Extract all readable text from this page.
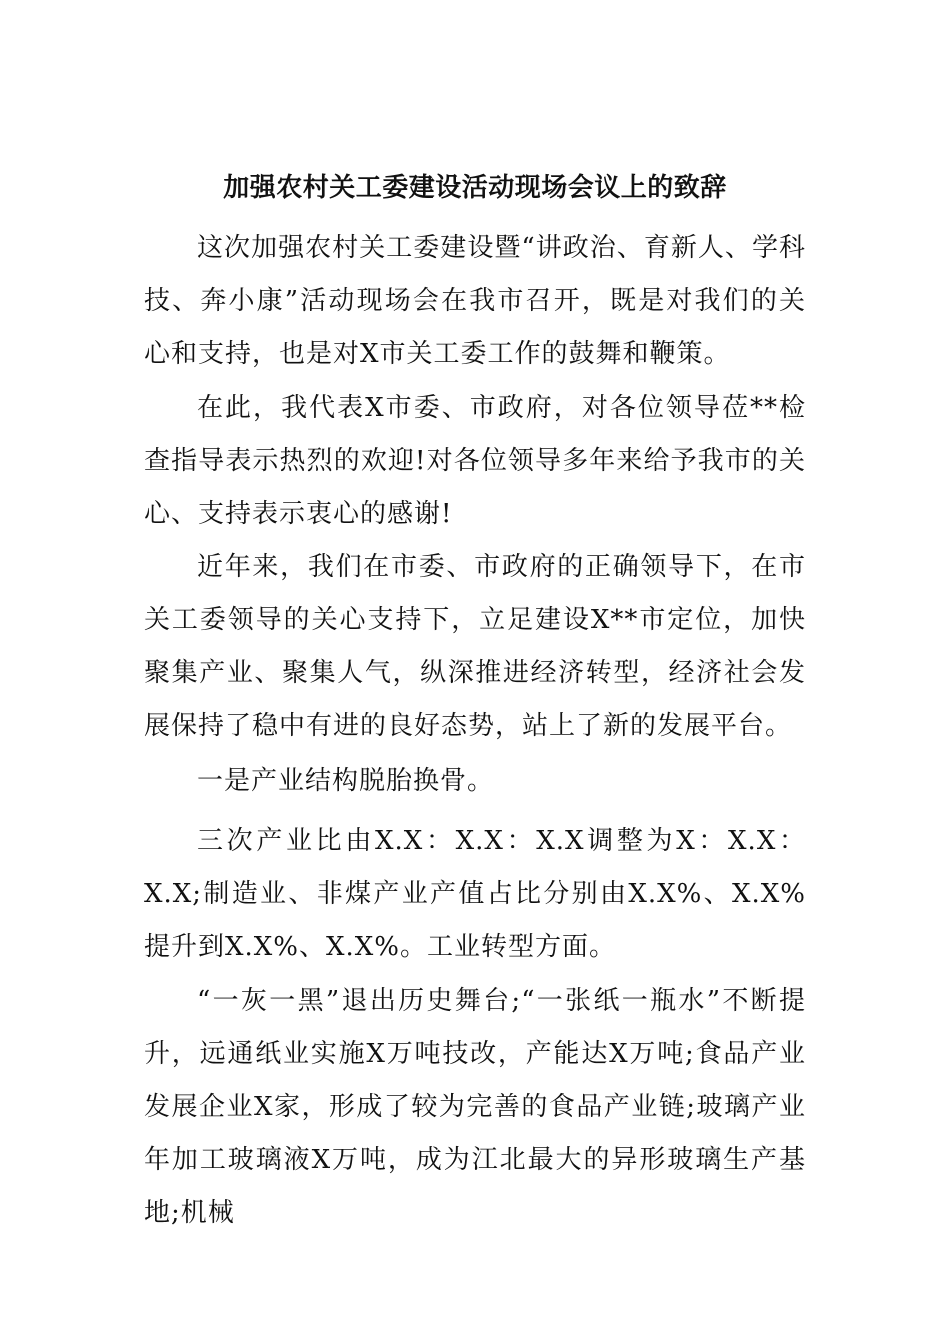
加强农村关工委建设活动现场会议上的致辞

这次加强农村关工委建设暨“讲政治、育新人、学科技、奔小康”活动现场会在我市召开，既是对我们的关心和支持，也是对X市关工委工作的鼓舞和鞭策。

在此，我代表X市委、市政府，对各位领导莅**检查指导表示热烈的欢迎!对各位领导多年来给予我市的关心、支持表示衷心的感谢!

近年来，我们在市委、市政府的正确领导下，在市关工委领导的关心支持下，立足建设X**市定位，加快聚集产业、聚集人气，纵深推进经济转型，经济社会发展保持了稳中有进的良好态势，站上了新的发展平台。

一是产业结构脱胎换骨。

三次产业比由X.X：X.X：X.X调整为X：X.X：X.X;制造业、非煤产业产值占比分别由X.X%、X.X%提升到X.X%、X.X%。工业转型方面。

“一灰一黑”退出历史舞台;“一张纸一瓶水”不断提升，远通纸业实施X万吨技改，产能达X万吨;食品产业发展企业X家，形成了较为完善的食品产业链;玻璃产业年加工玻璃液X万吨，成为江北最大的异形玻璃生产基地;机械
